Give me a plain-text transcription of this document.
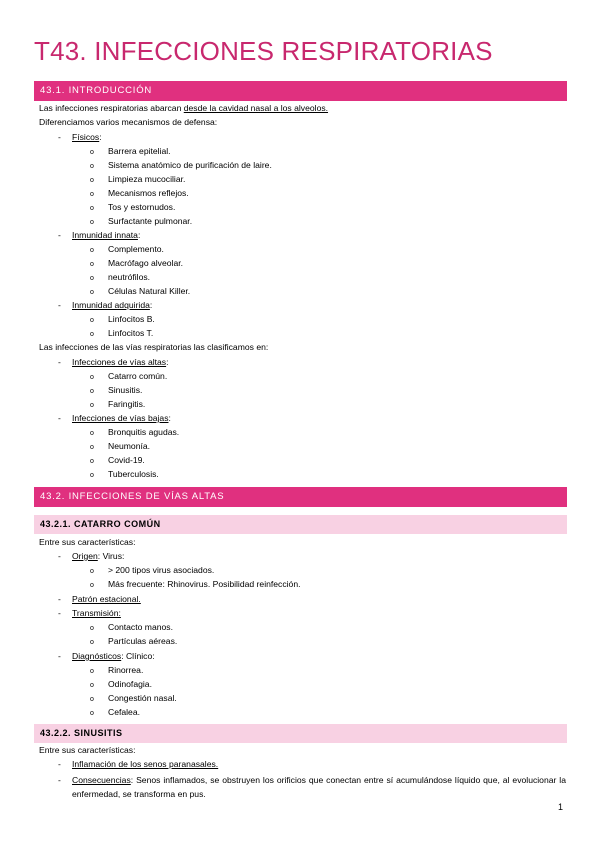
T43. INFECCIONES RESPIRATORIAS
43.1. INTRODUCCIÓN
Las infecciones respiratorias abarcan desde la cavidad nasal a los alveolos.
Diferenciamos varios mecanismos de defensa:
- Físicos:
o Barrera epitelial.
o Sistema anatómico de purificación de laire.
o Limpieza mucociliar.
o Mecanismos reflejos.
o Tos y estornudos.
o Surfactante pulmonar.
- Inmunidad innata:
o Complemento.
o Macrófago alveolar.
o neutrófilos.
o Células Natural Killer.
- Inmunidad adquirida:
o Linfocitos B.
o Linfocitos T.
Las infecciones de las vías respiratorias las clasificamos en:
- Infecciones de vías altas:
o Catarro común.
o Sinusitis.
o Faringitis.
- Infecciones de vías bajas:
o Bronquitis agudas.
o Neumonía.
o Covid-19.
o Tuberculosis.
43.2. INFECCIONES DE VÍAS ALTAS
43.2.1. CATARRO COMÚN
Entre sus características:
- Origen: Virus:
o > 200 tipos virus asociados.
o Más frecuente: Rhinovirus. Posibilidad reinfección.
- Patrón estacional.
- Transmisión:
o Contacto manos.
o Partículas aéreas.
- Diagnósticos: Clínico:
o Rinorrea.
o Odinofagia.
o Congestión nasal.
o Cefalea.
43.2.2. SINUSITIS
Entre sus características:
- Inflamación de los senos paranasales.
- Consecuencias: Senos inflamados, se obstruyen los orificios que conectan entre sí acumulándose líquido que, al evolucionar la enfermedad, se transforma en pus.
1
